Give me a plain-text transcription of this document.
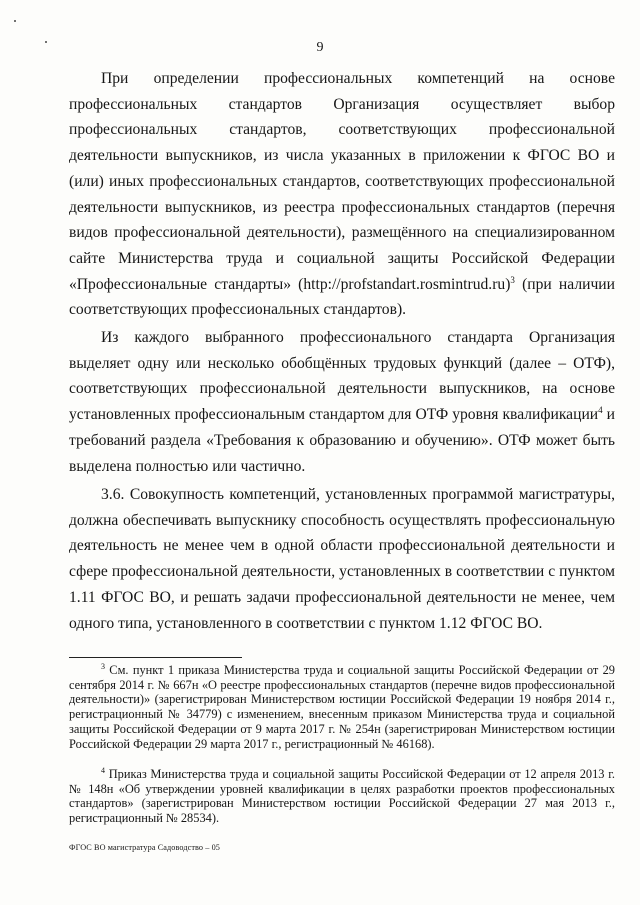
9

При определении профессиональных компетенций на основе профессиональных стандартов Организация осуществляет выбор профессиональных стандартов, соответствующих профессиональной деятельности выпускников, из числа указанных в приложении к ФГОС ВО и (или) иных профессиональных стандартов, соответствующих профессиональной деятельности выпускников, из реестра профессиональных стандартов (перечня видов профессиональной деятельности), размещённого на специализированном сайте Министерства труда и социальной защиты Российской Федерации «Профессиональные стандарты» (http://profstandart.rosmintrud.ru)$^3$ (при наличии соответствующих профессиональных стандартов).

Из каждого выбранного профессионального стандарта Организация выделяет одну или несколько обобщённых трудовых функций (далее – ОТФ), соответствующих профессиональной деятельности выпускников, на основе установленных профессиональным стандартом для ОТФ уровня квалификации$^4$ и требований раздела «Требования к образованию и обучению». ОТФ может быть выделена полностью или частично.

3.6. Совокупность компетенций, установленных программой магистратуры, должна обеспечивать выпускнику способность осуществлять профессиональную деятельность не менее чем в одной области профессиональной деятельности и сфере профессиональной деятельности, установленных в соответствии с пунктом 1.11 ФГОС ВО, и решать задачи профессиональной деятельности не менее, чем одного типа, установленного в соответствии с пунктом 1.12 ФГОС ВО.

$^3$ См. пункт 1 приказа Министерства труда и социальной защиты Российской Федерации от 29 сентября 2014 г. № 667н «О реестре профессиональных стандартов (перечне видов профессиональной деятельности)» (зарегистрирован Министерством юстиции Российской Федерации 19 ноября 2014 г., регистрационный № 34779) с изменением, внесенным приказом Министерства труда и социальной защиты Российской Федерации от 9 марта 2017 г. № 254н (зарегистрирован Министерством юстиции Российской Федерации 29 марта 2017 г., регистрационный № 46168).

$^4$ Приказ Министерства труда и социальной защиты Российской Федерации от 12 апреля 2013 г. № 148н «Об утверждении уровней квалификации в целях разработки проектов профессиональных стандартов» (зарегистрирован Министерством юстиции Российской Федерации 27 мая 2013 г., регистрационный № 28534).

ФГОС ВО магистратура Садоводство – 05
